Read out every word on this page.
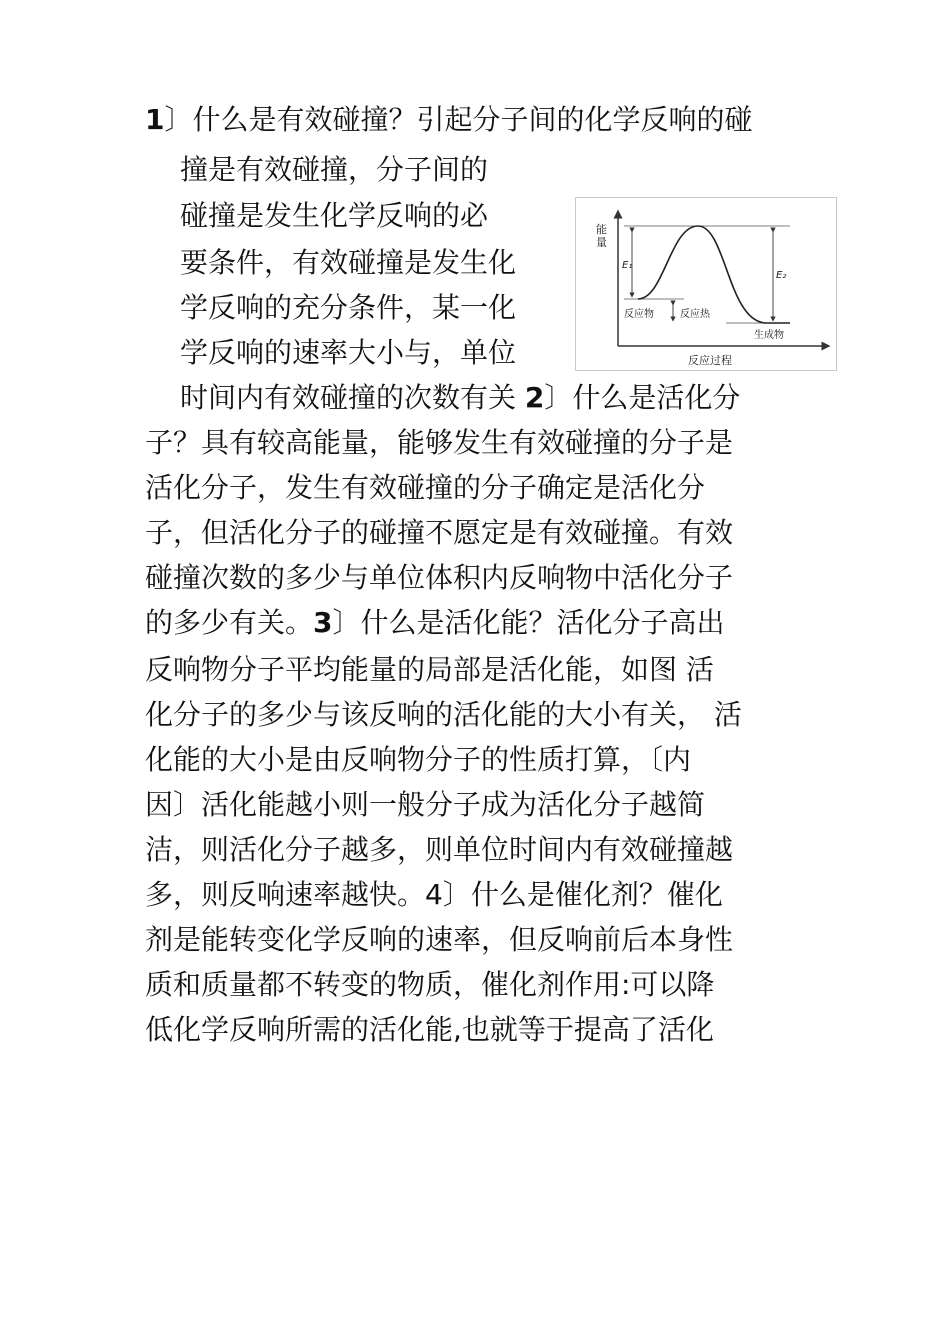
1〕什么是有效碰撞？引起分子间的化学反响的碰
撞是有效碰撞，分子间的
碰撞是发生化学反响的必
要条件，有效碰撞是发生化
学反响的充分条件，某一化
学反响的速率大小与，单位
时间内有效碰撞的次数有关 2〕什么是活化分
子？具有较高能量，能够发生有效碰撞的分子是
活化分子，发生有效碰撞的分子确定是活化分
子，但活化分子的碰撞不愿定是有效碰撞。有效
碰撞次数的多少与单位体积内反响物中活化分子
的多少有关。3〕什么是活化能？活化分子高出
反响物分子平均能量的局部是活化能，如图 活
化分子的多少与该反响的活化能的大小有关， 活
化能的大小是由反响物分子的性质打算，〔内
因〕活化能越小则一般分子成为活化分子越简
洁，则活化分子越多，则单位时间内有效碰撞越
多，则反响速率越快。4〕什么是催化剂？催化
剂是能转变化学反响的速率，但反响前后本身性
质和质量都不转变的物质，催化剂作用:可以降
低化学反响所需的活化能,也就等于提高了活化
能
量
反应过程
E₁
E₂
反应物	反应热
生成物
